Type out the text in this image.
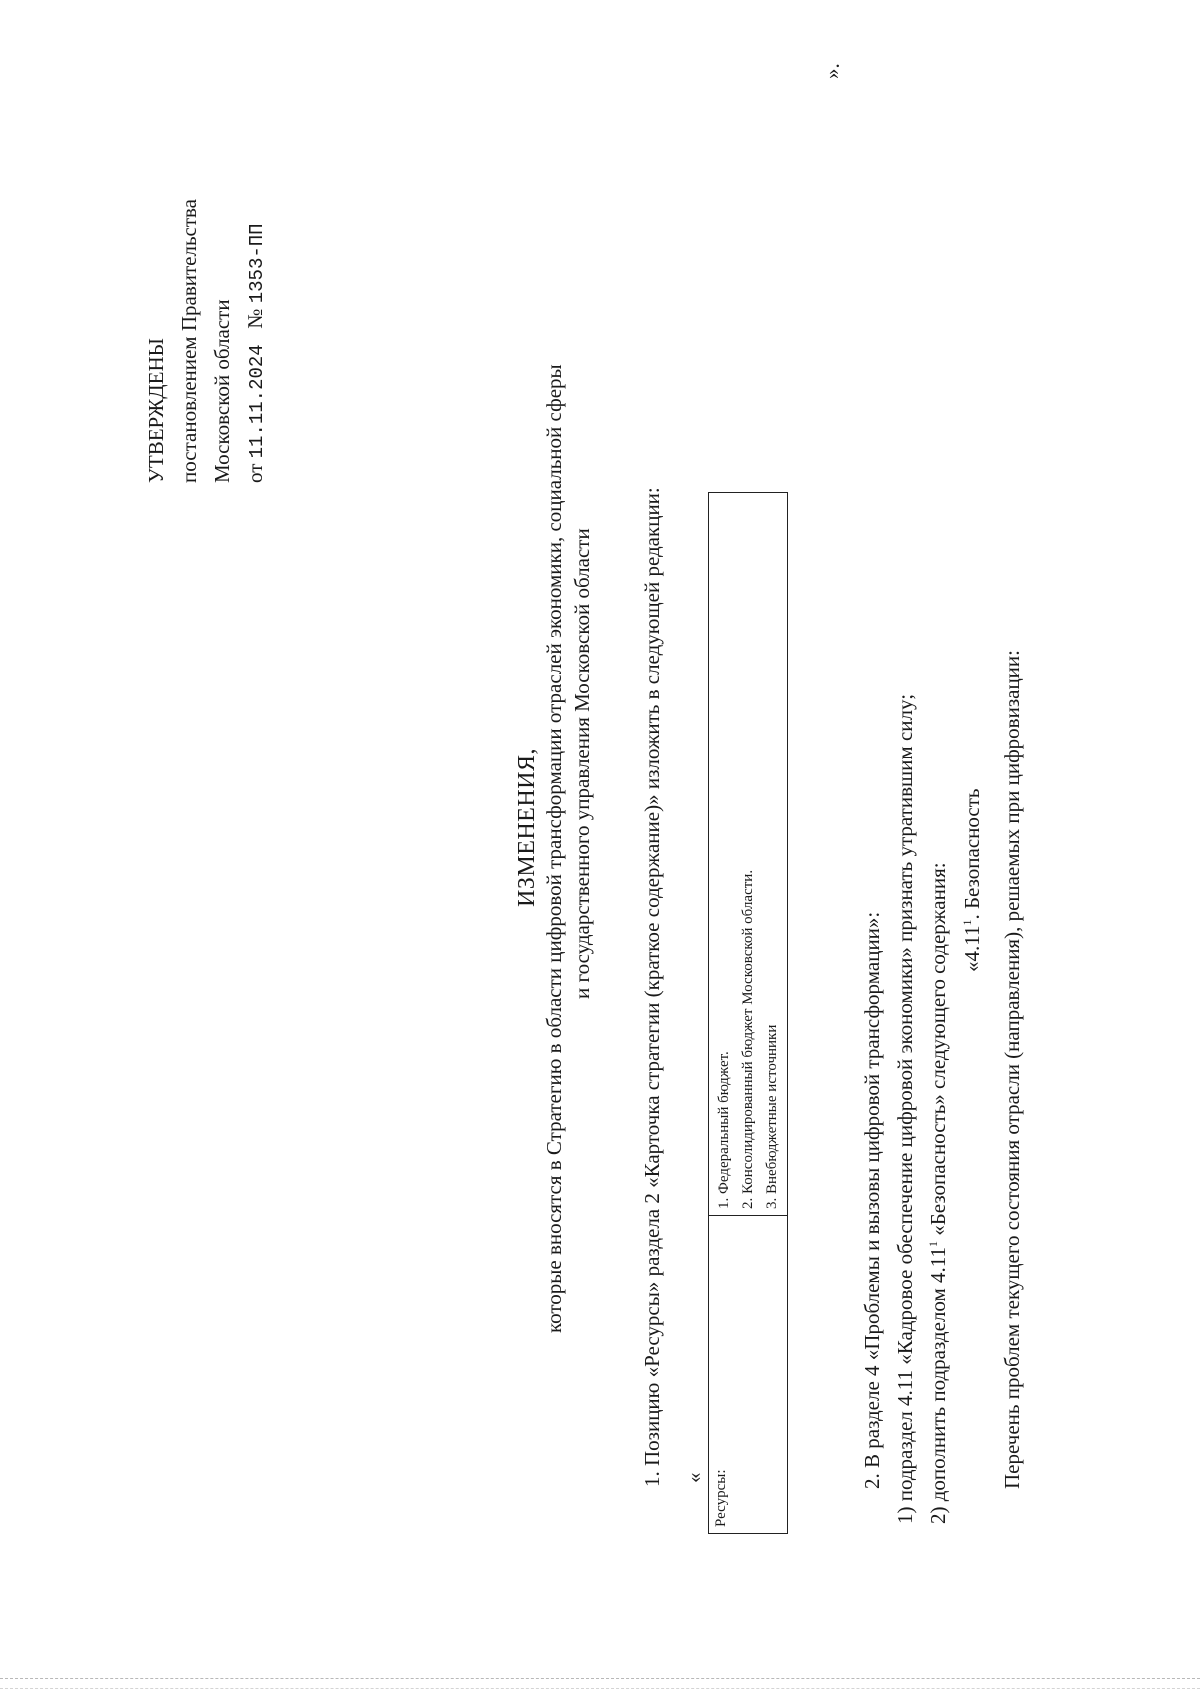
УТВЕРЖДЕНЫ постановлением Правительства Московской области от 11.11.2024   № 1353-ПП
ИЗМЕНЕНИЯ, которые вносятся в Стратегию в области цифровой трансформации отраслей экономики, социальной сферы и государственного управления Московской области 1. Позицию «Ресурсы» раздела 2 «Карточка стратегии (краткое содержание)» изложить в следующей редакции: « Ресурсы:	
1. Федеральный бюджет. 2. Консолидированный бюджет Московской области. 3. Внебюджетные источники
».
2. В разделе 4 «Проблемы и вызовы цифровой трансформации»: 1) подраздел 4.11 «Кадровое обеспечение цифровой экономики» признать утратившим силу; 2) дополнить подразделом 4.11$^1$ «Безопасность» следующего содержания: «4.11$^1$. Безопасность Перечень проблем текущего состояния отрасли (направления), решаемых при цифровизации:
